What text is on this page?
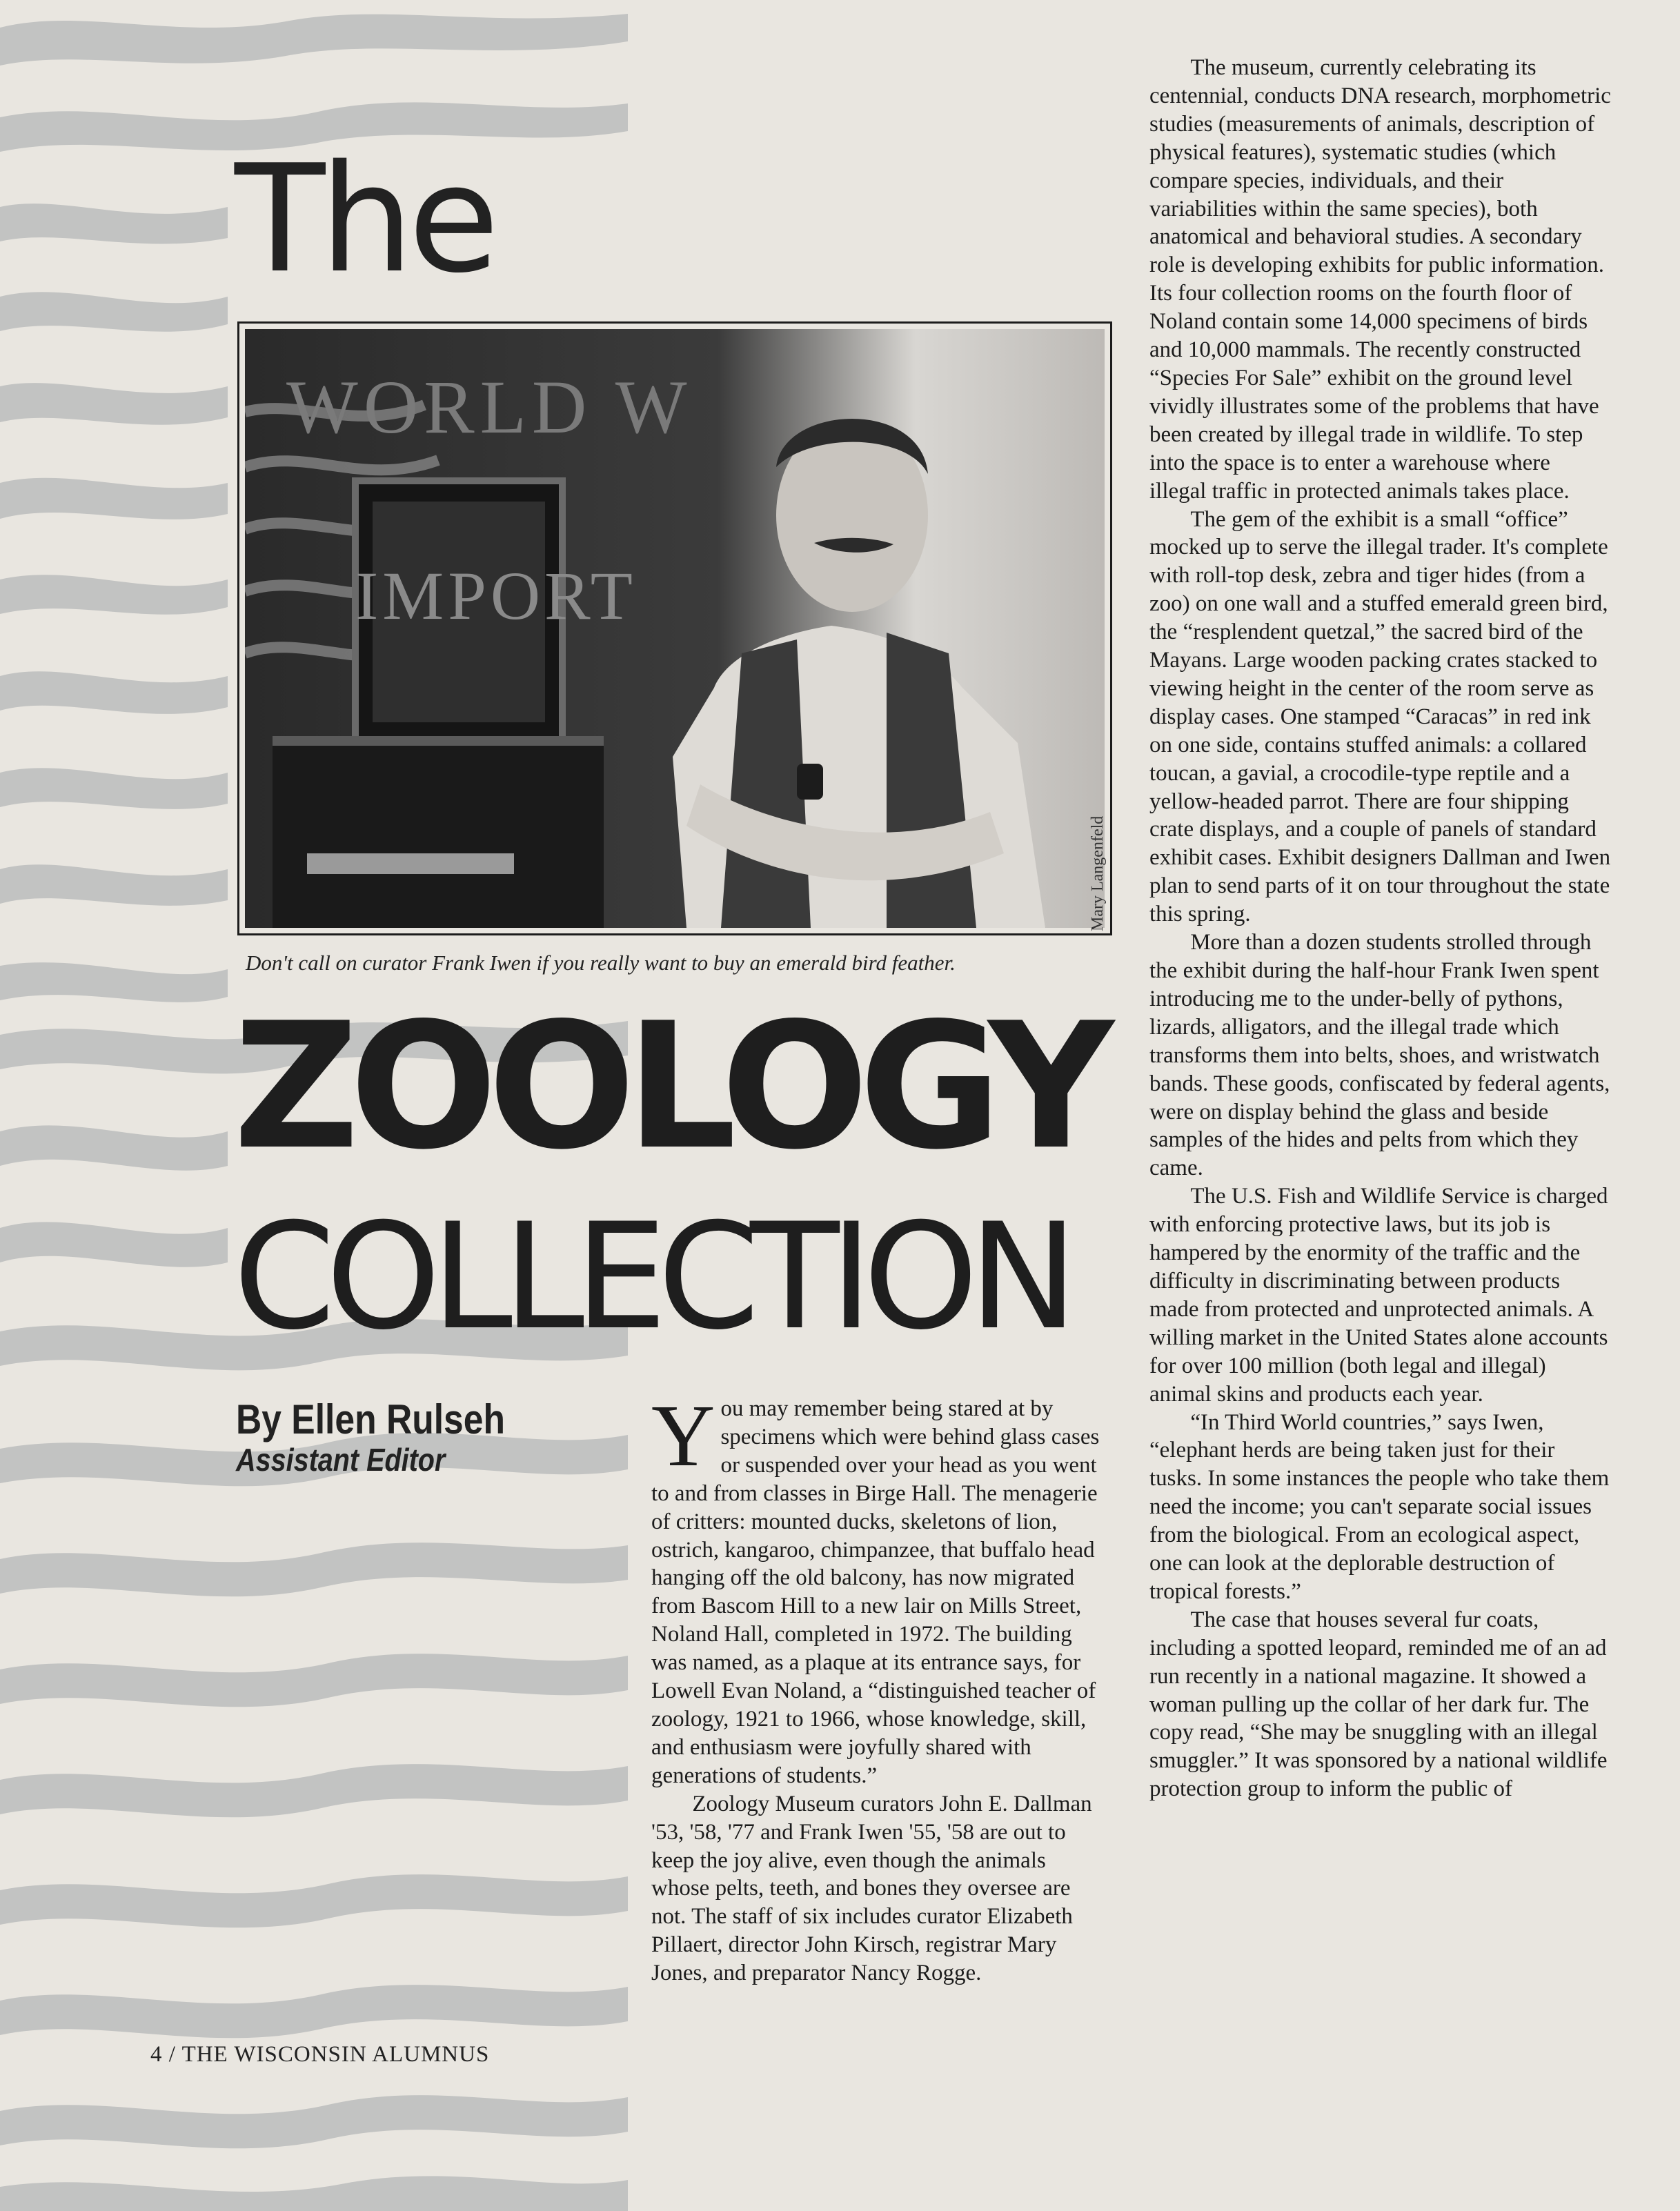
The
WORLD W
IMPORT
Mary Langenfeld
Don't call on curator Frank Iwen if you really want to buy an emerald bird feather.
ZOOLOGY
COLLECTION
By Ellen Rulseh
Assistant Editor	You may remember being stared at by specimens which were behind glass cases or suspended over your head as you went to and from classes in Birge Hall. The menagerie of critters: mounted ducks, skeletons of lion, ostrich, kangaroo, chimpanzee, that buffalo head hanging off the old balcony, has now migrated from Bascom Hill to a new lair on Mills Street, Noland Hall, completed in 1972. The building was named, as a plaque at its entrance says, for Lowell Evan Noland, a “distinguished teacher of zoology, 1921 to 1966, whose knowledge, skill, and enthusiasm were joyfully shared with generations of students.”

Zoology Museum curators John E. Dallman '53, '58, '77 and Frank Iwen '55, '58 are out to keep the joy alive, even though the animals whose pelts, teeth, and bones they oversee are not. The staff of six includes curator Elizabeth Pillaert, director John Kirsch, registrar Mary Jones, and preparator Nancy Rogge.

The museum, currently celebrating its centennial, conducts DNA research, morphometric studies (measurements of animals, description of physical features), systematic studies (which compare species, individuals, and their variabilities within the same species), both anatomical and behavioral studies. A secondary role is developing exhibits for public information. Its four collection rooms on the fourth floor of Noland contain some 14,000 specimens of birds and 10,000 mammals. The recently constructed “Species For Sale” exhibit on the ground level vividly illustrates some of the problems that have been created by illegal trade in wildlife. To step into the space is to enter a warehouse where illegal traffic in protected animals takes place.

The gem of the exhibit is a small “office” mocked up to serve the illegal trader. It's complete with roll-top desk, zebra and tiger hides (from a zoo) on one wall and a stuffed emerald green bird, the “resplendent quetzal,” the sacred bird of the Mayans. Large wooden packing crates stacked to viewing height in the center of the room serve as display cases. One stamped “Caracas” in red ink on one side, contains stuffed animals: a collared toucan, a gavial, a crocodile-type reptile and a yellow-headed parrot. There are four shipping crate displays, and a couple of panels of standard exhibit cases. Exhibit designers Dallman and Iwen plan to send parts of it on tour throughout the state this spring.

More than a dozen students strolled through the exhibit during the half-hour Frank Iwen spent introducing me to the under-belly of pythons, lizards, alligators, and the illegal trade which transforms them into belts, shoes, and wristwatch bands. These goods, confiscated by federal agents, were on display behind the glass and beside samples of the hides and pelts from which they came.

The U.S. Fish and Wildlife Service is charged with enforcing protective laws, but its job is hampered by the enormity of the traffic and the difficulty in discriminating between products made from protected and unprotected animals. A willing market in the United States alone accounts for over 100 million (both legal and illegal) animal skins and products each year.

“In Third World countries,” says Iwen, “elephant herds are being taken just for their tusks. In some instances the people who take them need the income; you can't separate social issues from the biological. From an ecological aspect, one can look at the deplorable destruction of tropical forests.”

The case that houses several fur coats, including a spotted leopard, reminded me of an ad run recently in a national magazine. It showed a woman pulling up the collar of her dark fur. The copy read, “She may be snuggling with an illegal smuggler.” It was sponsored by a national wildlife protection group to inform the public of

4 / THE WISCONSIN ALUMNUS
